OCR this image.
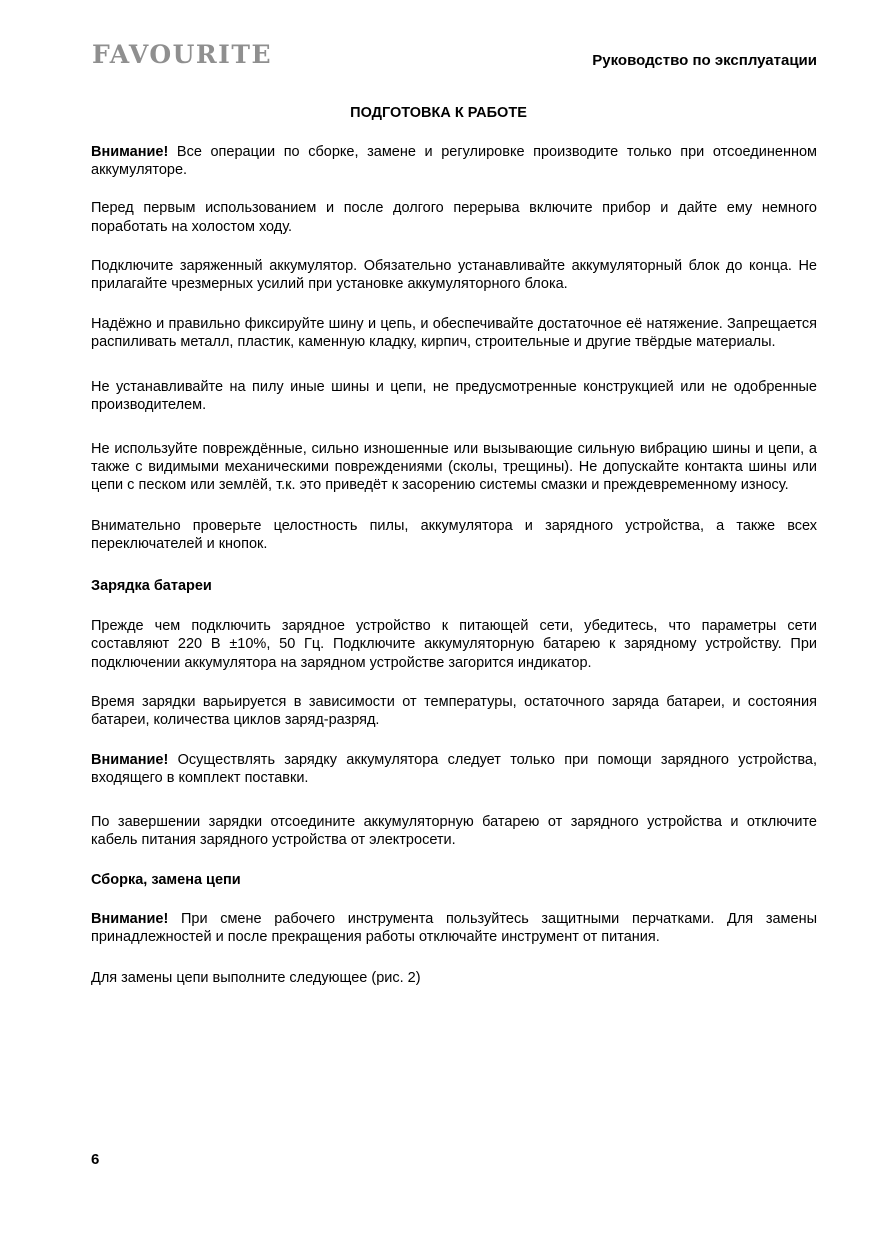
FAVOURITE	Руководство по эксплуатации
ПОДГОТОВКА К РАБОТЕ

Внимание! Все операции по сборке, замене и регулировке производите только при отсоединенном аккумуляторе.

Перед первым использованием и после долгого перерыва включите прибор и дайте ему немного поработать на холостом ходу.

Подключите заряженный аккумулятор. Обязательно устанавливайте аккумуляторный блок до конца. Не прилагайте чрезмерных усилий при установке аккумуляторного блока.

Надёжно и правильно фиксируйте шину и цепь, и обеспечивайте достаточное её натяжение. Запрещается распиливать металл, пластик, каменную кладку, кирпич, строительные и другие твёрдые материалы.

Не устанавливайте на пилу иные шины и цепи, не предусмотренные конструкцией или не одобренные производителем.

Не используйте повреждённые, сильно изношенные или вызывающие сильную вибрацию шины и цепи, а также с видимыми механическими повреждениями (сколы, трещины). Не допускайте контакта шины или цепи с песком или землёй, т.к. это приведёт к засорению системы смазки и преждевременному износу.

Внимательно проверьте целостность пилы, аккумулятора и зарядного устройства, а также всех переключателей и кнопок.

Зарядка батареи

Прежде чем подключить зарядное устройство к питающей сети, убедитесь, что параметры сети составляют 220 В ±10%, 50 Гц. Подключите аккумуляторную батарею к зарядному устройству. При подключении аккумулятора на зарядном устройстве загорится индикатор.

Время зарядки варьируется в зависимости от температуры, остаточного заряда батареи, и состояния батареи, количества циклов заряд-разряд.

Внимание! Осуществлять зарядку аккумулятора следует только при помощи зарядного устройства, входящего в комплект поставки.

По завершении зарядки отсоедините аккумуляторную батарею от зарядного устройства и отключите кабель питания зарядного устройства от электросети.

Сборка, замена цепи

Внимание! При смене рабочего инструмента пользуйтесь защитными перчатками. Для замены принадлежностей и после прекращения работы отключайте инструмент от питания.

Для замены цепи выполните следующее (рис. 2)

6
